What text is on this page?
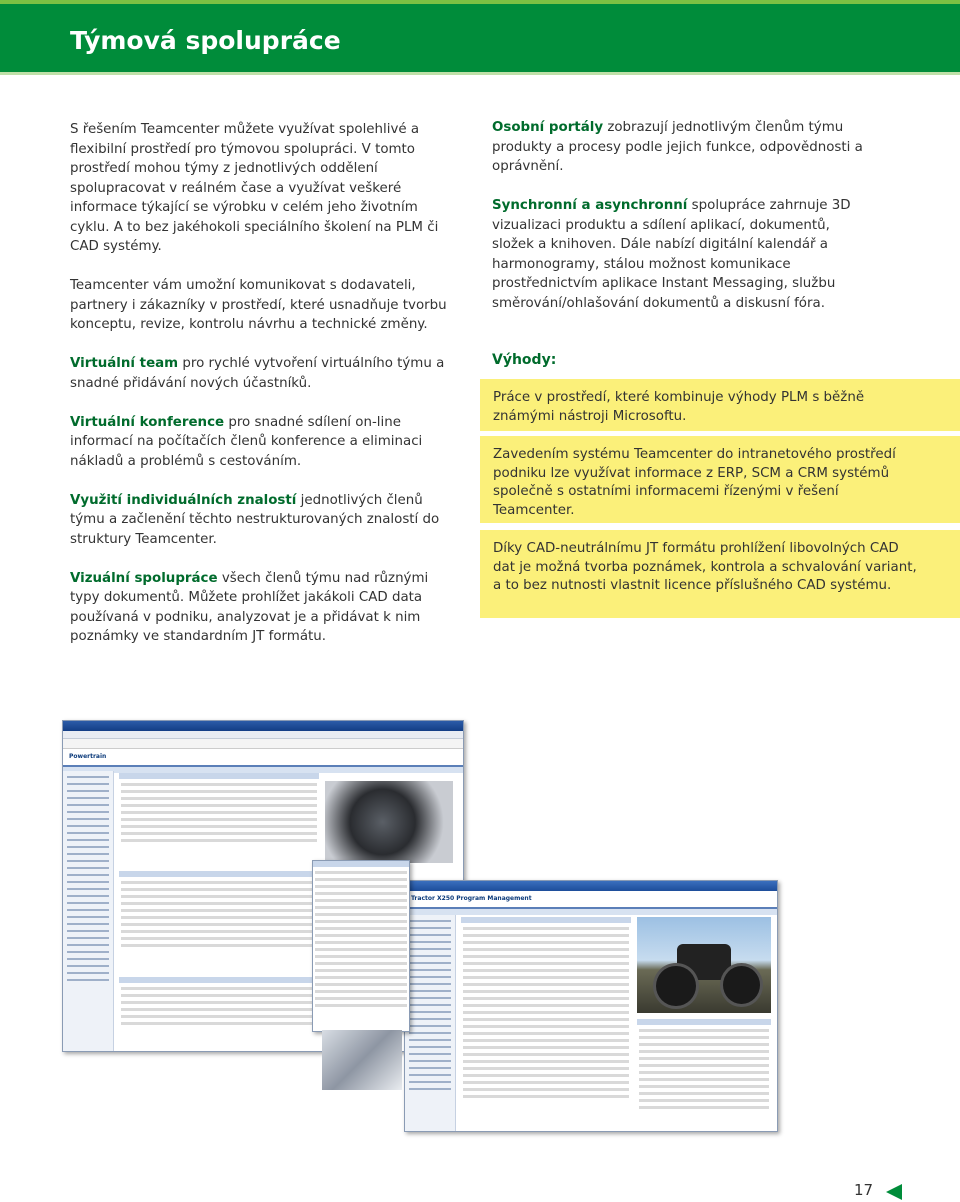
Týmová spolupráce

S řešením Teamcenter můžete využívat spolehlivé a flexibilní prostředí pro týmovou spolupráci. V tomto prostředí mohou týmy z jednotlivých oddělení spolupracovat v reálném čase a využívat veškeré informace týkající se výrobku v celém jeho životním cyklu. A to bez jakéhokoli speciálního školení na PLM či CAD systémy.

Teamcenter vám umožní komunikovat s dodavateli, partnery i zákazníky v prostředí, které usnadňuje tvorbu konceptu, revize, kontrolu návrhu a technické změny.

Virtuální team pro rychlé vytvoření virtuálního týmu a snadné přidávání nových účastníků.

Virtuální konference pro snadné sdílení on-line informací na počítačích členů konference a eliminaci nákladů a problémů s cestováním.

Využití individuálních znalostí jednotlivých členů týmu a začlenění těchto nestrukturovaných znalostí do struktury Teamcenter.

Vizuální spolupráce všech členů týmu nad různými typy dokumentů. Můžete prohlížet jakákoli CAD data používaná v podniku, analyzovat je a přidávat k nim poznámky ve standardním JT formátu.

Osobní portály zobrazují jednotlivým členům týmu produkty a procesy podle jejich funkce, odpovědnosti a oprávnění.

Synchronní a asynchronní spolupráce zahrnuje 3D vizualizaci produktu a sdílení aplikací, dokumentů, složek a knihoven. Dále nabízí digitální kalendář a harmonogramy, stálou možnost komunikace prostřednictvím aplikace Instant Messaging, službu směrování/ohlašování dokumentů a diskusní fóra.

Výhody:
Práce v prostředí, které kombinuje výhody PLM s běžně známými nástroji Microsoftu.
Zavedením systému Teamcenter do intranetového prostředí podniku lze využívat informace z ERP, SCM a CRM systémů společně s ostatními informacemi řízenými v řešení Teamcenter.
Díky CAD-neutrálnímu JT formátu prohlížení libovolných CAD dat je možná tvorba poznámek, kontrola a schvalování variant, a to bez nutnosti vlastnit licence příslušného CAD systému.
Powertrain
Tractor X250 Program Management
17
